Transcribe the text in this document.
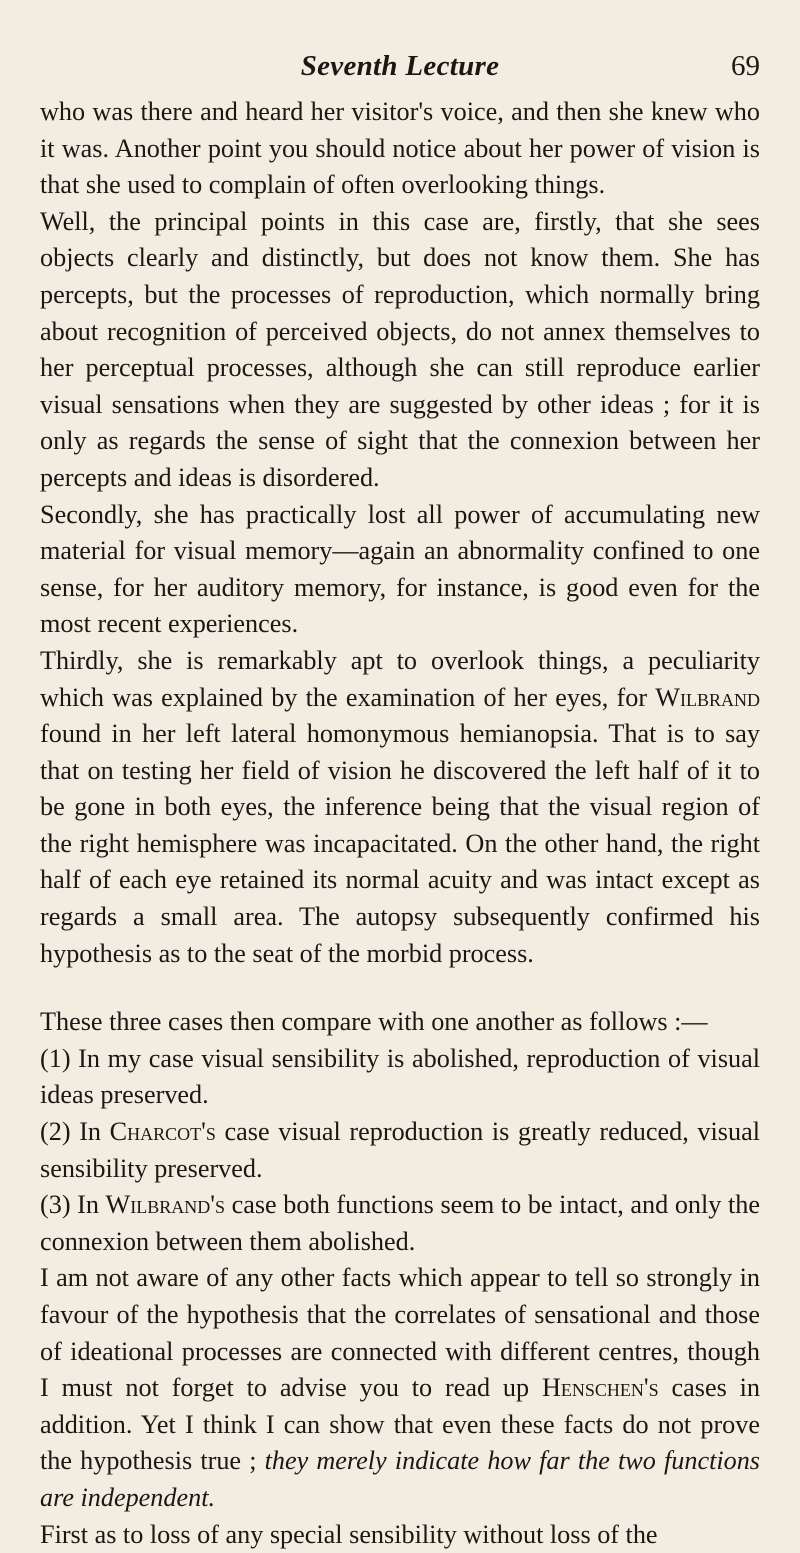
Seventh Lecture	69

who was there and heard her visitor's voice, and then she knew who it was. Another point you should notice about her power of vision is that she used to complain of often overlooking things.

Well, the principal points in this case are, firstly, that she sees objects clearly and distinctly, but does not know them. She has percepts, but the processes of reproduction, which normally bring about recognition of perceived objects, do not annex themselves to her perceptual processes, although she can still reproduce earlier visual sensations when they are suggested by other ideas ; for it is only as regards the sense of sight that the connexion between her percepts and ideas is disordered.

Secondly, she has practically lost all power of accumulating new material for visual memory—again an abnormality confined to one sense, for her auditory memory, for instance, is good even for the most recent experiences.

Thirdly, she is remarkably apt to overlook things, a peculiarity which was explained by the examination of her eyes, for Wilbrand found in her left lateral homonymous hemianopsia. That is to say that on testing her field of vision he discovered the left half of it to be gone in both eyes, the inference being that the visual region of the right hemisphere was incapacitated. On the other hand, the right half of each eye retained its normal acuity and was intact except as regards a small area. The autopsy subsequently confirmed his hypothesis as to the seat of the morbid process.

These three cases then compare with one another as follows :—

(1) In my case visual sensibility is abolished, reproduction of visual ideas preserved.

(2) In Charcot's case visual reproduction is greatly reduced, visual sensibility preserved.

(3) In Wilbrand's case both functions seem to be intact, and only the connexion between them abolished.

I am not aware of any other facts which appear to tell so strongly in favour of the hypothesis that the correlates of sensational and those of ideational processes are connected with different centres, though I must not forget to advise you to read up Henschen's cases in addition. Yet I think I can show that even these facts do not prove the hypothesis true ; they merely indicate how far the two functions are independent.

First as to loss of any special sensibility without loss of the
